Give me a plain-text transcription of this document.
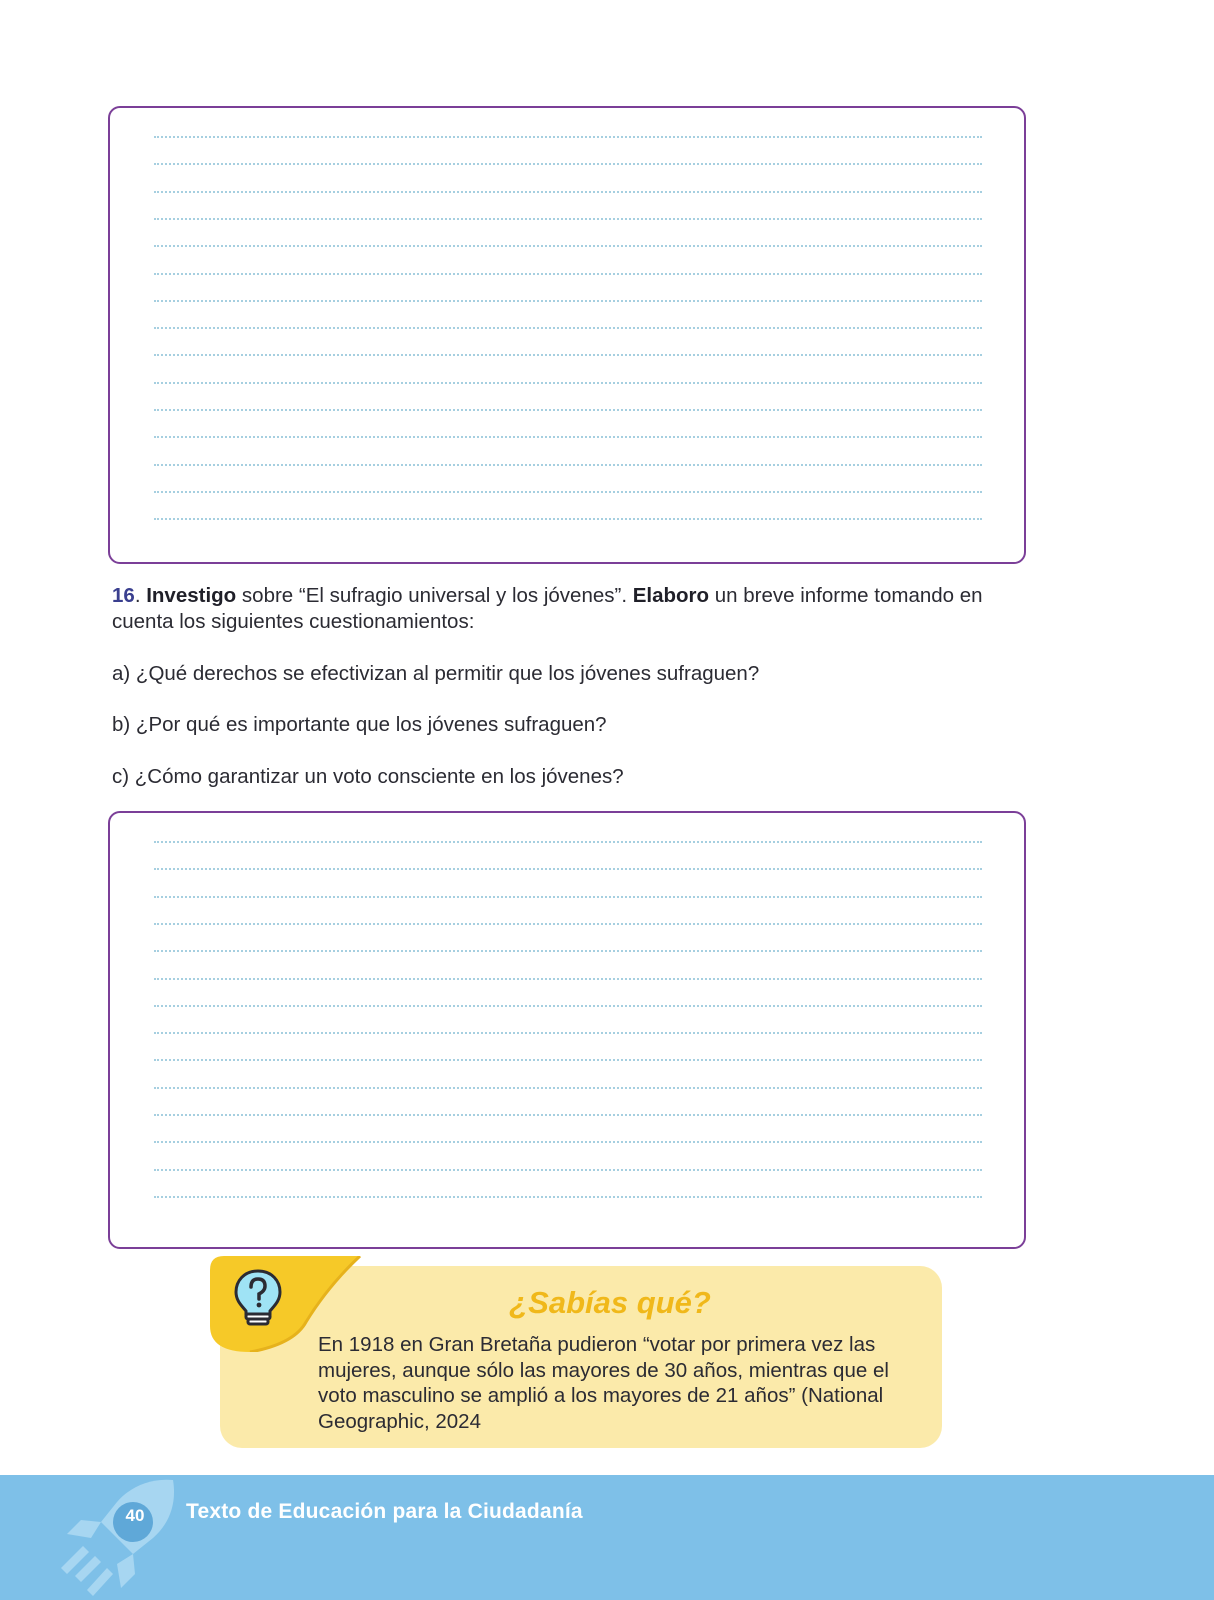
16. Investigo sobre “El sufragio universal y los jóvenes”. Elaboro un breve informe tomando en cuenta los siguientes cuestionamientos:
a) ¿Qué derechos se efectivizan al permitir que los jóvenes sufraguen?
b) ¿Por qué es importante que los jóvenes sufraguen?
c) ¿Cómo garantizar un voto consciente en los jóvenes?
¿Sabías qué?
En 1918 en Gran Bretaña pudieron “votar por primera vez las mujeres, aunque sólo las mayores de 30 años, mientras que el voto masculino se amplió a los mayores de 21 años” (National Geographic, 2024
40 Texto de Educación para la Ciudadanía
